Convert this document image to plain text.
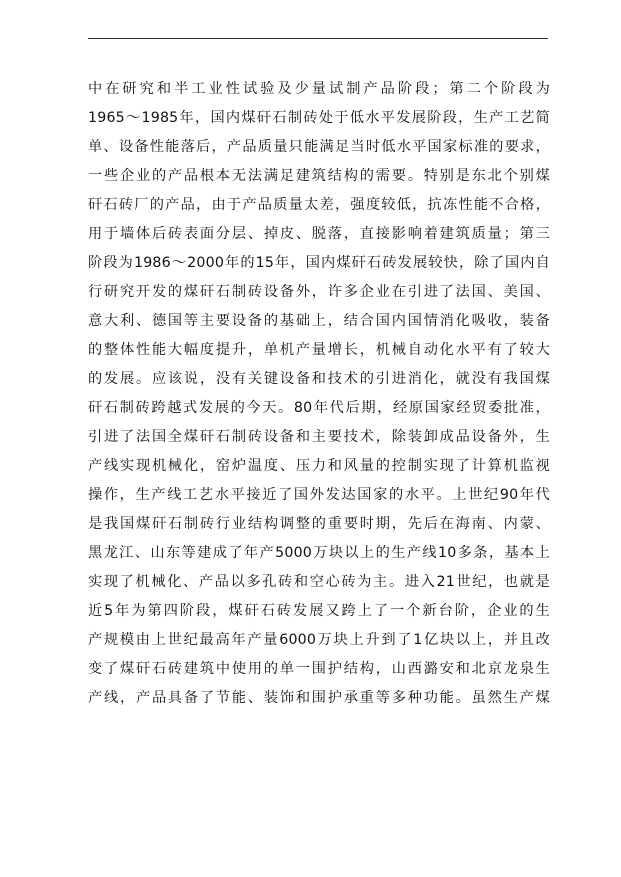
中在研究和半工业性试验及少量试制产品阶段；第二个阶段为
1965～1985年，国内煤矸石制砖处于低水平发展阶段，生产工艺简
单、设备性能落后，产品质量只能满足当时低水平国家标准的要求，
一些企业的产品根本无法满足建筑结构的需要。特别是东北个别煤
矸石砖厂的产品，由于产品质量太差，强度较低，抗冻性能不合格，
用于墙体后砖表面分层、掉皮、脱落，直接影响着建筑质量；第三
阶段为1986～2000年的15年，国内煤矸石砖发展较快，除了国内自
行研究开发的煤矸石制砖设备外，许多企业在引进了法国、美国、
意大利、德国等主要设备的基础上，结合国内国情消化吸收，装备
的整体性能大幅度提升，单机产量增长，机械自动化水平有了较大
的发展。应该说，没有关键设备和技术的引进消化，就没有我国煤
矸石制砖跨越式发展的今天。80年代后期，经原国家经贸委批准，
引进了法国全煤矸石制砖设备和主要技术，除装卸成品设备外，生
产线实现机械化，窑炉温度、压力和风量的控制实现了计算机监视
操作，生产线工艺水平接近了国外发达国家的水平。上世纪90年代
是我国煤矸石制砖行业结构调整的重要时期，先后在海南、内蒙、
黑龙江、山东等建成了年产5000万块以上的生产线10多条，基本上
实现了机械化、产品以多孔砖和空心砖为主。进入21世纪，也就是
近5年为第四阶段，煤矸石砖发展又跨上了一个新台阶，企业的生
产规模由上世纪最高年产量6000万块上升到了1亿块以上，并且改
变了煤矸石砖建筑中使用的单一围护结构，山西潞安和北京龙泉生
产线，产品具备了节能、装饰和围护承重等多种功能。虽然生产煤
